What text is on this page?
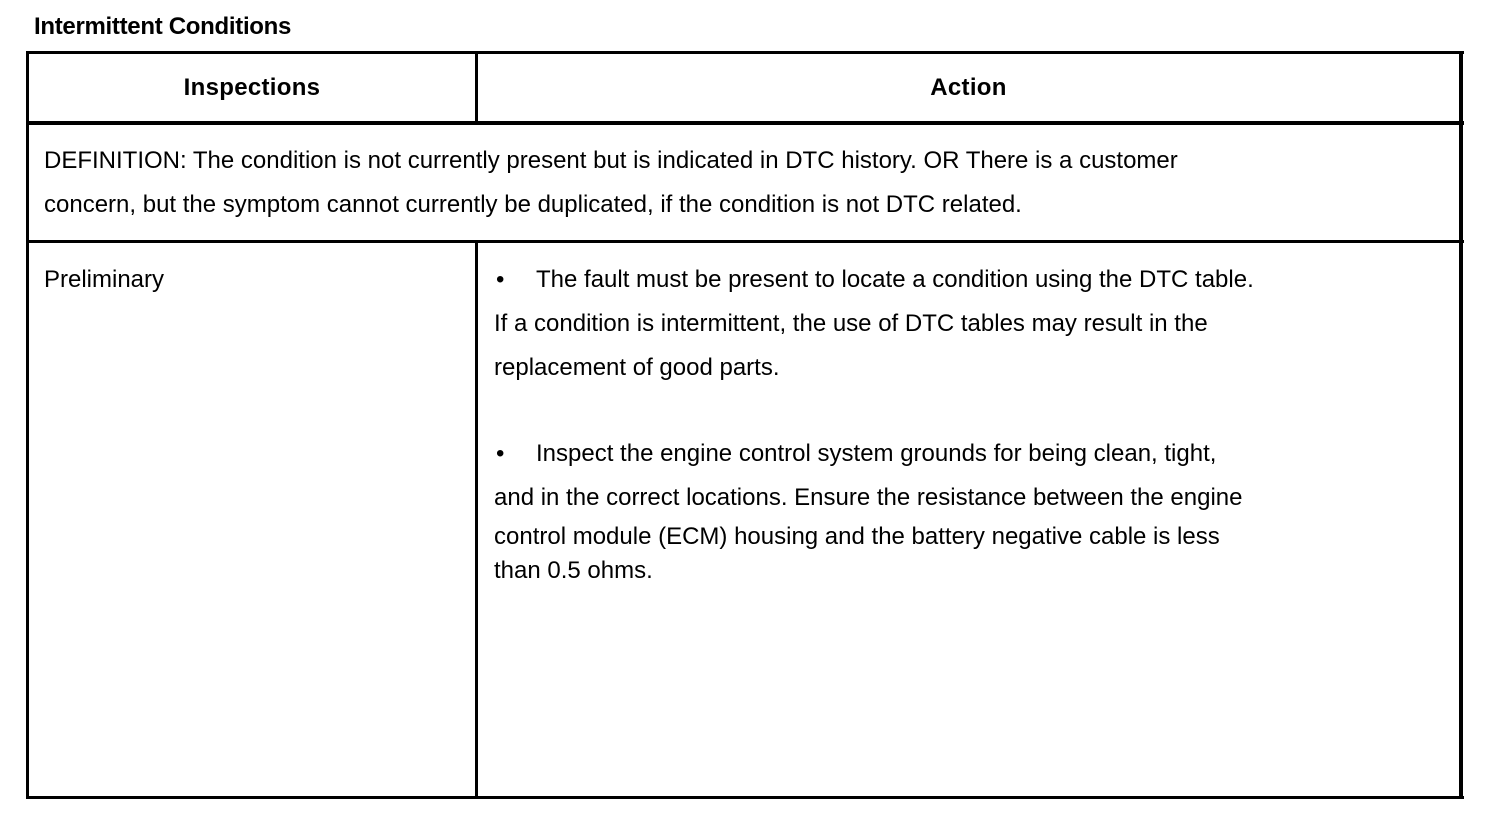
Intermittent Conditions
Inspections	Action
DEFINITION: The condition is not currently present but is indicated in DTC history. OR There is a customer
concern, but the symptom cannot currently be duplicated, if the condition is not DTC related.
Preliminary	• The fault must be present to locate a condition using the DTC table.
If a condition is intermittent, the use of DTC tables may result in the
replacement of good parts.
• Inspect the engine control system grounds for being clean, tight,
and in the correct locations. Ensure the resistance between the engine
control module (ECM) housing and the battery negative cable is less
than 0.5 ohms.
